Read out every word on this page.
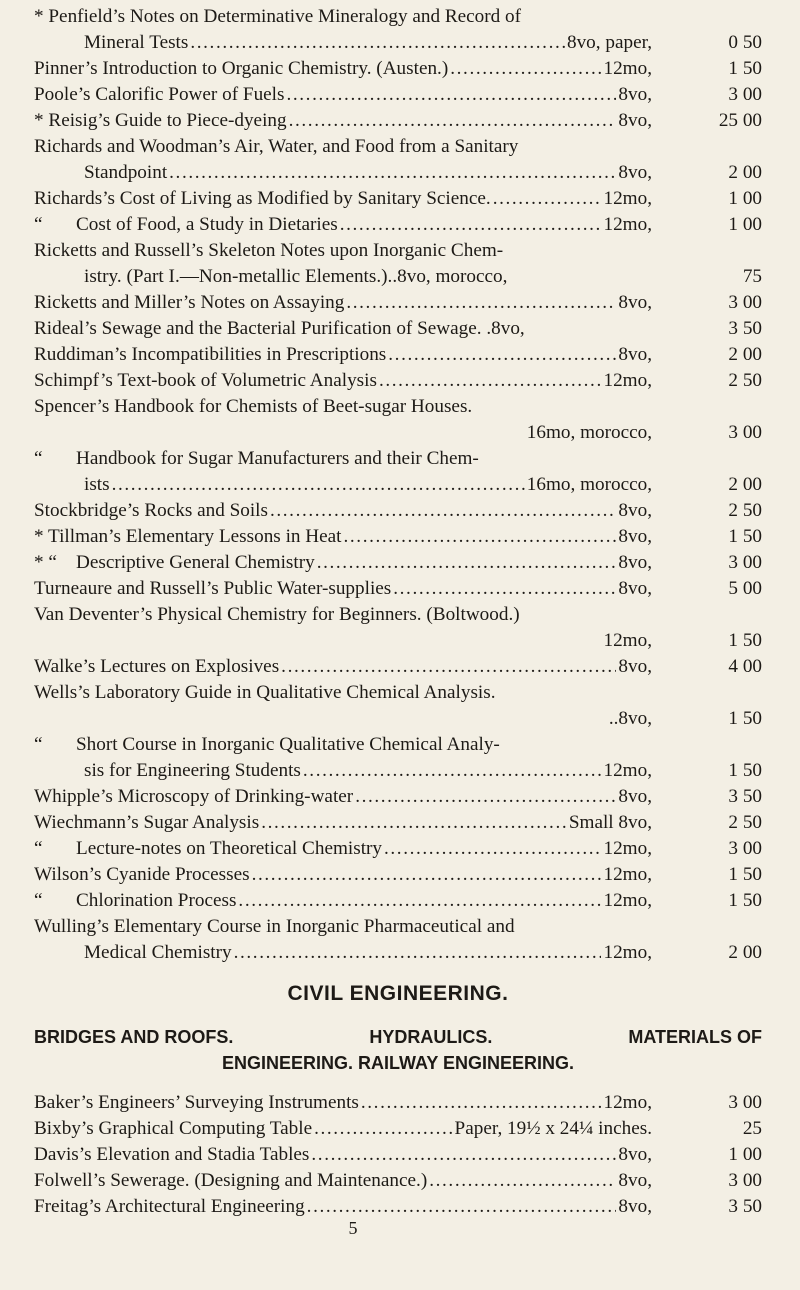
* Penfield’s Notes on Determinative Mineralogy and Record of
Mineral Tests .....	8vo, paper,	0 50
Pinner’s Introduction to Organic Chemistry. (Austen.) .....	12mo,	1 50
Poole’s Calorific Power of Fuels .....	8vo,	3 00
* Reisig’s Guide to Piece-dyeing .....	8vo,	25 00
Richards and Woodman’s Air, Water, and Food from a Sanitary
Standpoint .....	8vo,	2 00
Richards’s Cost of Living as Modified by Sanitary Science. .....	12mo,	1 00
“ Cost of Food, a Study in Dietaries .....	12mo,	1 00
Ricketts and Russell’s Skeleton Notes upon Inorganic Chem-
istry. (Part I.—Non-metallic Elements.)..8vo, morocco,	75
Ricketts and Miller’s Notes on Assaying .....	8vo,	3 00
Rideal’s Sewage and the Bacterial Purification of Sewage. .8vo,	3 50
Ruddiman’s Incompatibilities in Prescriptions .....	8vo,	2 00
Schimpf’s Text-book of Volumetric Analysis .....	12mo,	2 50
Spencer’s Handbook for Chemists of Beet-sugar Houses.
16mo, morocco,	3 00
“ Handbook for Sugar Manufacturers and their Chem-
ists .....	16mo, morocco,	2 00
Stockbridge’s Rocks and Soils .....	8vo,	2 50
* Tillman’s Elementary Lessons in Heat .....	8vo,	1 50
* “ Descriptive General Chemistry .....	8vo,	3 00
Turneaure and Russell’s Public Water-supplies .....	8vo,	5 00
Van Deventer’s Physical Chemistry for Beginners. (Boltwood.)
12mo,	1 50
Walke’s Lectures on Explosives .....	8vo,	4 00
Wells’s Laboratory Guide in Qualitative Chemical Analysis.
..8vo,	1 50
“ Short Course in Inorganic Qualitative Chemical Analy-
sis for Engineering Students .....	12mo,	1 50
Whipple’s Microscopy of Drinking-water .....	8vo,	3 50
Wiechmann’s Sugar Analysis .....	Small 8vo,	2 50
“ Lecture-notes on Theoretical Chemistry .....	12mo,	3 00
Wilson’s Cyanide Processes .....	12mo,	1 50
“ Chlorination Process .....	12mo,	1 50
Wulling’s Elementary Course in Inorganic Pharmaceutical and
Medical Chemistry .....	12mo,	2 00
CIVIL ENGINEERING.
BRIDGES AND ROOFS.	HYDRAULICS.	MATERIALS OF
ENGINEERING. RAILWAY ENGINEERING.
Baker’s Engineers’ Surveying Instruments .....	12mo,	3 00
Bixby’s Graphical Computing Table .....	Paper, 19½ x 24¼ inches.	25
Davis’s Elevation and Stadia Tables .....	8vo,	1 00
Folwell’s Sewerage. (Designing and Maintenance.) .....	8vo,	3 00
Freitag’s Architectural Engineering .....	8vo,	3 50
5
